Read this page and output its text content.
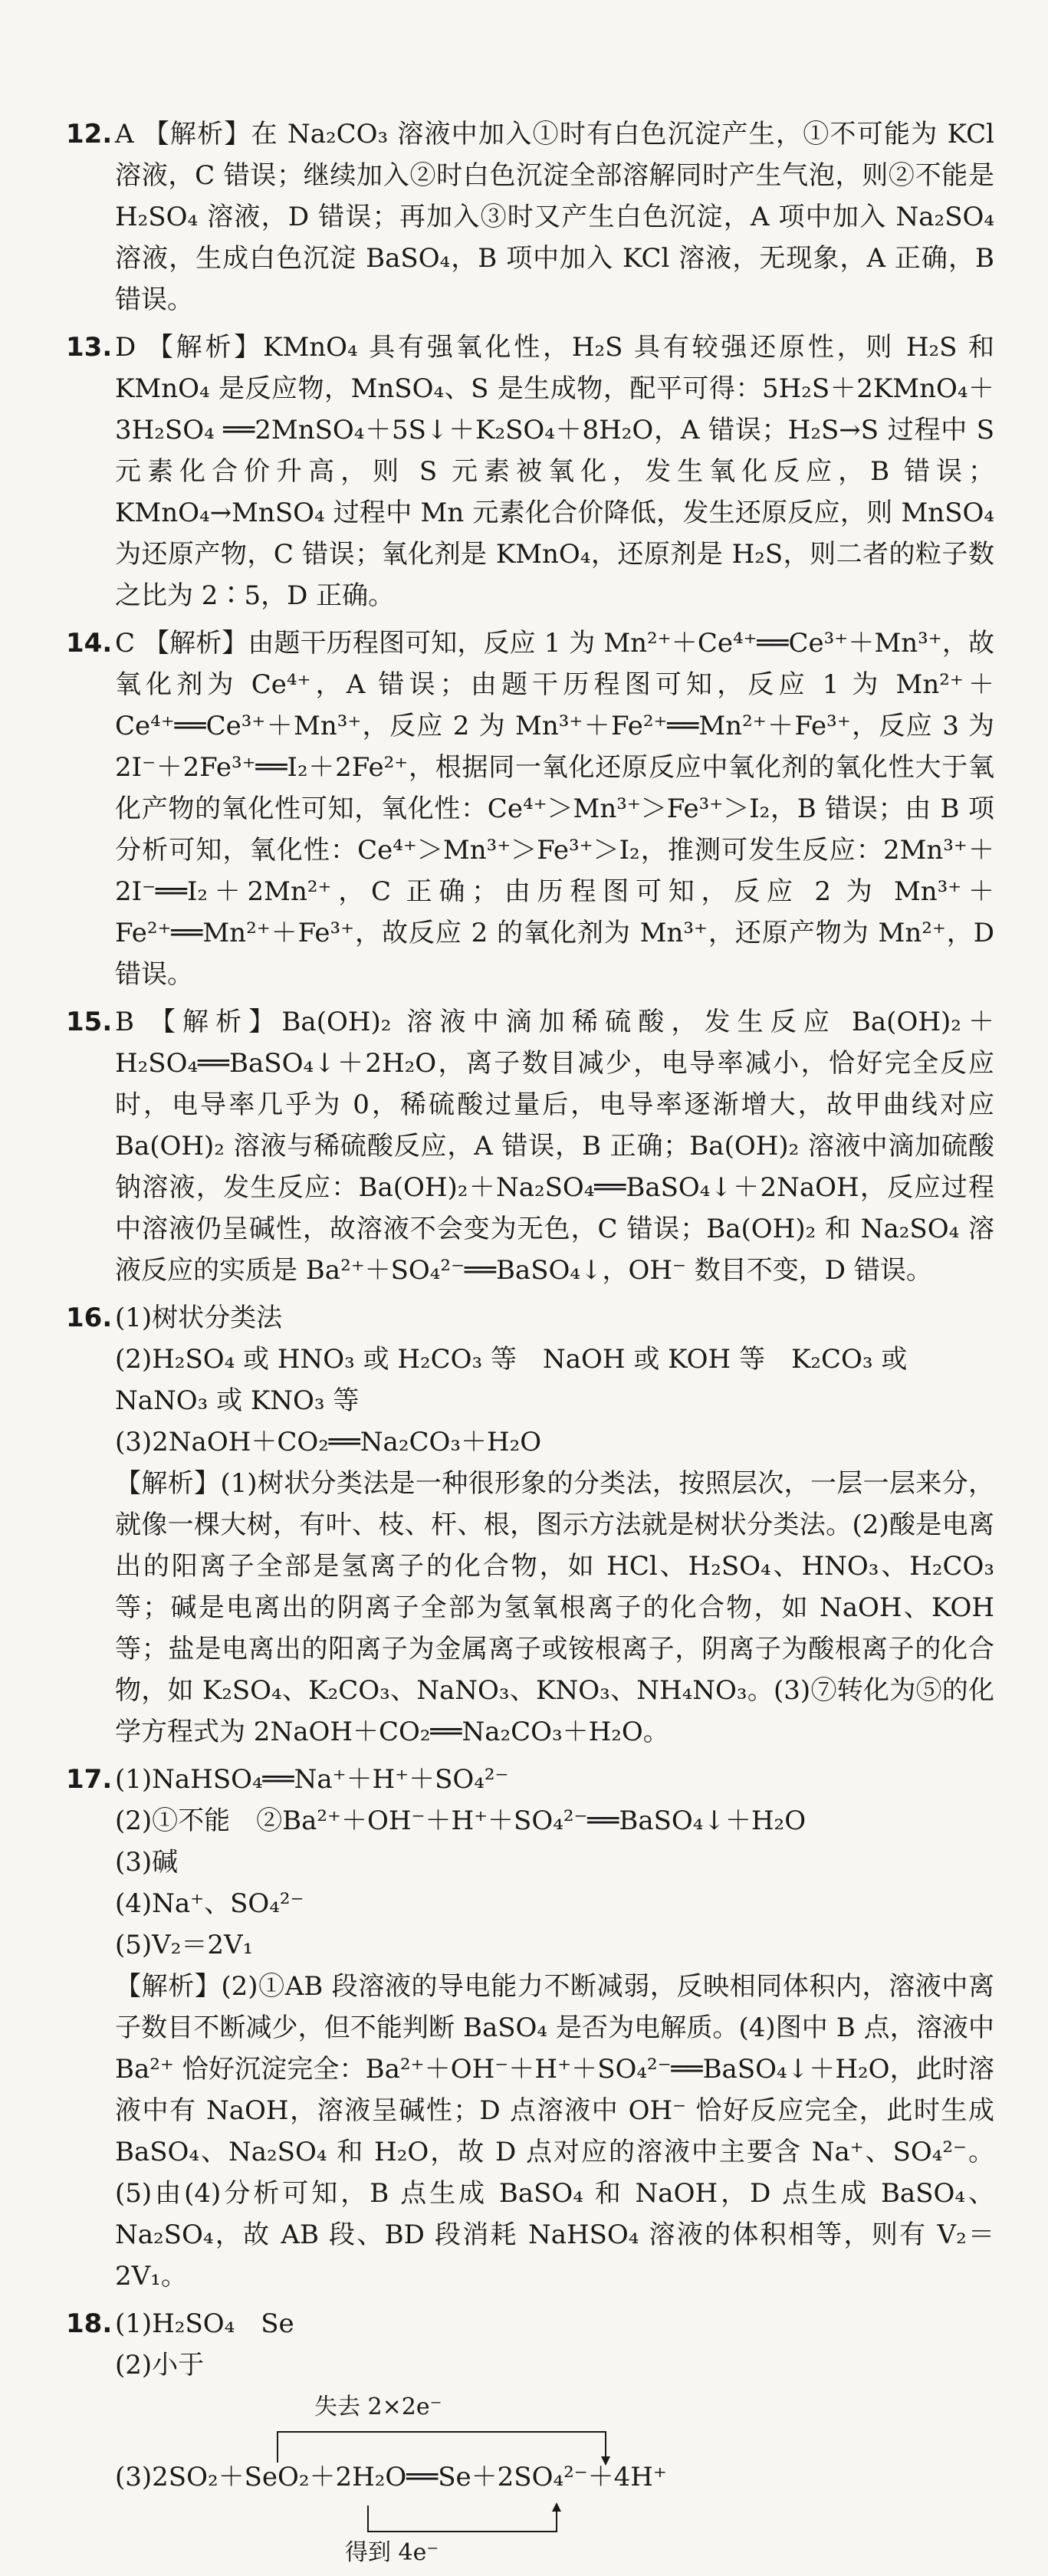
12. A 【解析】在 Na₂CO₃ 溶液中加入①时有白色沉淀产生，①不可能为 KCl 溶液，C 错误；继续加入②时白色沉淀全部溶解同时产生气泡，则②不能是 H₂SO₄ 溶液，D 错误；再加入③时又产生白色沉淀，A 项中加入 Na₂SO₄ 溶液，生成白色沉淀 BaSO₄，B 项中加入 KCl 溶液，无现象，A 正确，B 错误。

13. D 【解析】KMnO₄ 具有强氧化性，H₂S 具有较强还原性，则 H₂S 和 KMnO₄ 是反应物，MnSO₄、S 是生成物，配平可得：5H₂S＋2KMnO₄＋3H₂SO₄ ══2MnSO₄＋5S↓＋K₂SO₄＋8H₂O，A 错误；H₂S→S 过程中 S 元素化合价升高，则 S 元素被氧化，发生氧化反应，B 错误；KMnO₄→MnSO₄ 过程中 Mn 元素化合价降低，发生还原反应，则 MnSO₄ 为还原产物，C 错误；氧化剂是 KMnO₄，还原剂是 H₂S，则二者的粒子数之比为 2∶5，D 正确。

14. C 【解析】由题干历程图可知，反应 1 为 Mn²⁺＋Ce⁴⁺══Ce³⁺＋Mn³⁺，故氧化剂为 Ce⁴⁺，A 错误；由题干历程图可知，反应 1 为 Mn²⁺＋Ce⁴⁺══Ce³⁺＋Mn³⁺，反应 2 为 Mn³⁺＋Fe²⁺══Mn²⁺＋Fe³⁺，反应 3 为 2I⁻＋2Fe³⁺══I₂＋2Fe²⁺，根据同一氧化还原反应中氧化剂的氧化性大于氧化产物的氧化性可知，氧化性：Ce⁴⁺＞Mn³⁺＞Fe³⁺＞I₂，B 错误；由 B 项分析可知，氧化性：Ce⁴⁺＞Mn³⁺＞Fe³⁺＞I₂，推测可发生反应：2Mn³⁺＋2I⁻══I₂＋2Mn²⁺，C 正确；由历程图可知，反应 2 为 Mn³⁺＋Fe²⁺══Mn²⁺＋Fe³⁺，故反应 2 的氧化剂为 Mn³⁺，还原产物为 Mn²⁺，D 错误。

15. B 【解析】Ba(OH)₂ 溶液中滴加稀硫酸，发生反应 Ba(OH)₂＋H₂SO₄══BaSO₄↓＋2H₂O，离子数目减少，电导率减小，恰好完全反应时，电导率几乎为 0，稀硫酸过量后，电导率逐渐增大，故甲曲线对应 Ba(OH)₂ 溶液与稀硫酸反应，A 错误，B 正确；Ba(OH)₂ 溶液中滴加硫酸钠溶液，发生反应：Ba(OH)₂＋Na₂SO₄══BaSO₄↓＋2NaOH，反应过程中溶液仍呈碱性，故溶液不会变为无色，C 错误；Ba(OH)₂ 和 Na₂SO₄ 溶液反应的实质是 Ba²⁺＋SO₄²⁻══BaSO₄↓，OH⁻ 数目不变，D 错误。

16. (1)树状分类法

(2)H₂SO₄ 或 HNO₃ 或 H₂CO₃ 等　NaOH 或 KOH 等　K₂CO₃ 或 NaNO₃ 或 KNO₃ 等

(3)2NaOH＋CO₂══Na₂CO₃＋H₂O

【解析】(1)树状分类法是一种很形象的分类法，按照层次，一层一层来分，就像一棵大树，有叶、枝、杆、根，图示方法就是树状分类法。(2)酸是电离出的阳离子全部是氢离子的化合物，如 HCl、H₂SO₄、HNO₃、H₂CO₃ 等；碱是电离出的阴离子全部为氢氧根离子的化合物，如 NaOH、KOH 等；盐是电离出的阳离子为金属离子或铵根离子，阴离子为酸根离子的化合物，如 K₂SO₄、K₂CO₃、NaNO₃、KNO₃、NH₄NO₃。(3)⑦转化为⑤的化学方程式为 2NaOH＋CO₂══Na₂CO₃＋H₂O。

17. (1)NaHSO₄══Na⁺＋H⁺＋SO₄²⁻

(2)①不能　②Ba²⁺＋OH⁻＋H⁺＋SO₄²⁻══BaSO₄↓＋H₂O

(3)碱

(4)Na⁺、SO₄²⁻

(5)V₂＝2V₁

【解析】(2)①AB 段溶液的导电能力不断减弱，反映相同体积内，溶液中离子数目不断减少，但不能判断 BaSO₄ 是否为电解质。(4)图中 B 点，溶液中 Ba²⁺ 恰好沉淀完全：Ba²⁺＋OH⁻＋H⁺＋SO₄²⁻══BaSO₄↓＋H₂O，此时溶液中有 NaOH，溶液呈碱性；D 点溶液中 OH⁻ 恰好反应完全，此时生成 BaSO₄、Na₂SO₄ 和 H₂O，故 D 点对应的溶液中主要含 Na⁺、SO₄²⁻。(5)由(4)分析可知，B 点生成 BaSO₄ 和 NaOH，D 点生成 BaSO₄、Na₂SO₄，故 AB 段、BD 段消耗 NaHSO₄ 溶液的体积相等，则有 V₂＝2V₁。

18. (1)H₂SO₄　Se

(2)小于

失去 2×2e⁻
(3)2SO₂＋SeO₂＋2H₂O══Se＋2SO₄²⁻＋4H⁺
得到 4e⁻
